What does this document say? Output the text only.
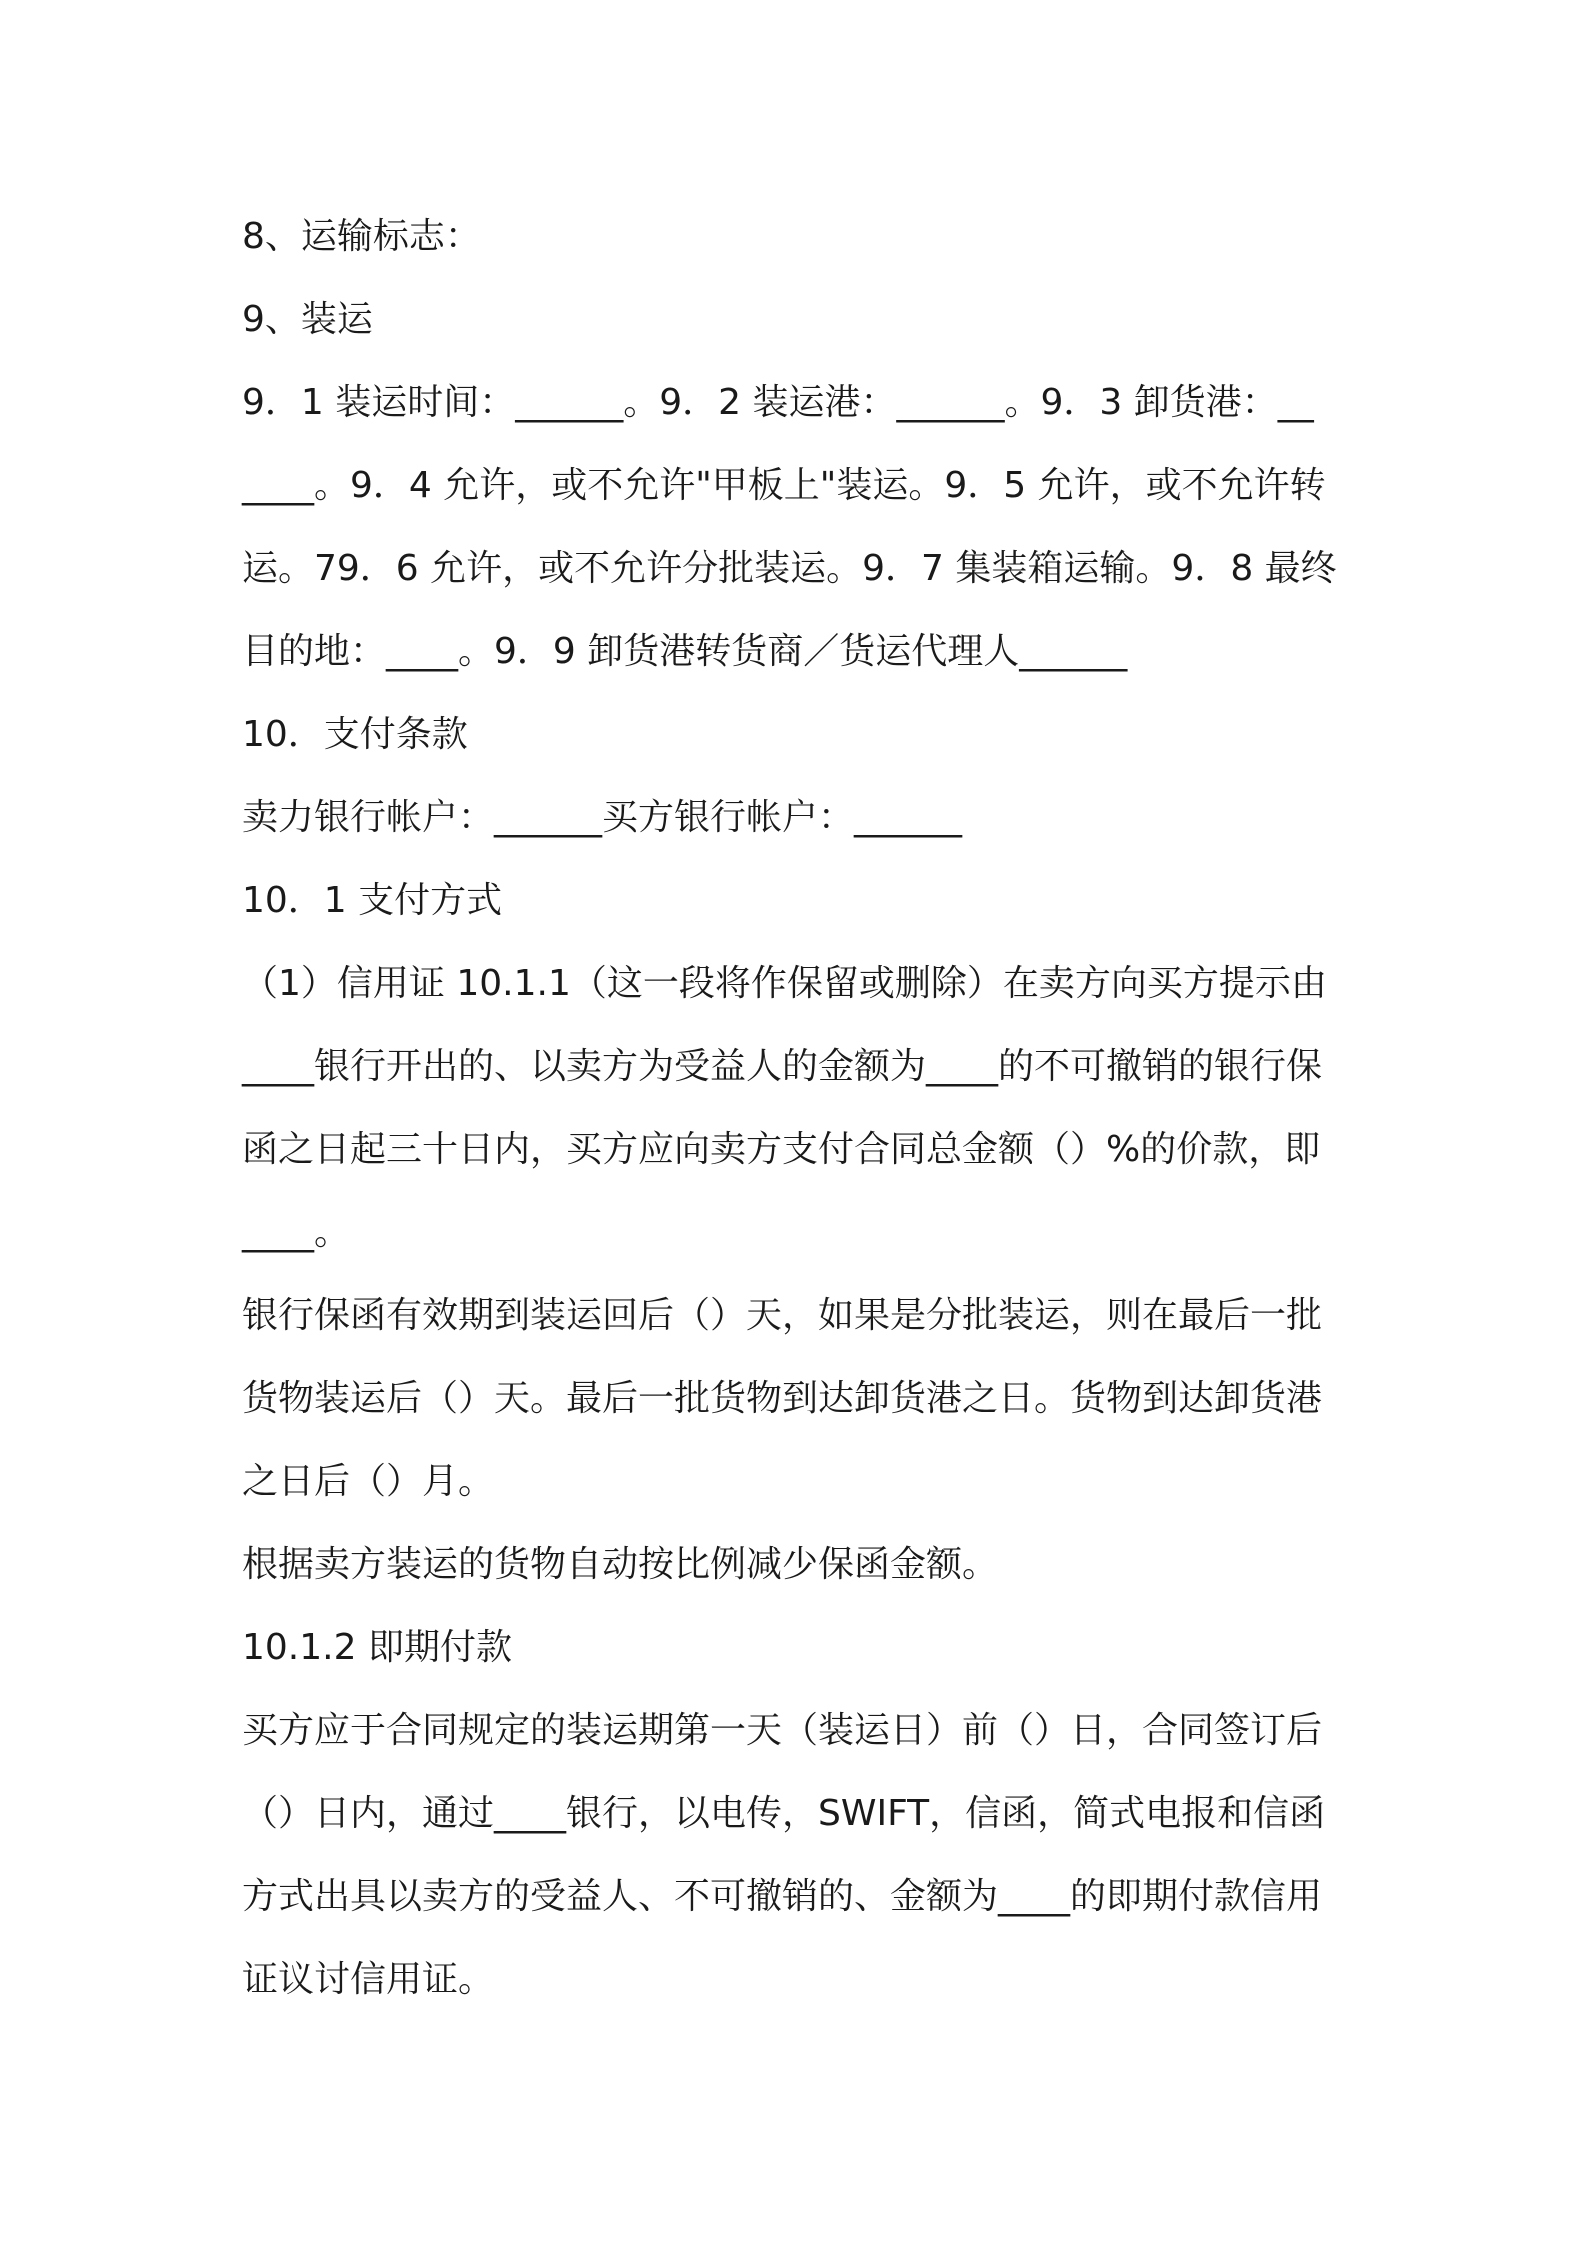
8、运输标志：
9、装运
9．1 装运时间：______。9．2 装运港：______。9．3 卸货港：__
____。9．4 允许，或不允许"甲板上"装运。9．5 允许，或不允许转
运。79．6 允许，或不允许分批装运。9．7 集装箱运输。9．8 最终
目的地：____。9．9 卸货港转货商／货运代理人______
10．支付条款
卖力银行帐户：______买方银行帐户：______
10．1 支付方式
（1）信用证 10.1.1（这一段将作保留或删除）在卖方向买方提示由
____银行开出的、以卖方为受益人的金额为____的不可撤销的银行保
函之日起三十日内，买方应向卖方支付合同总金额（）%的价款，即
____。
银行保函有效期到装运回后（）天，如果是分批装运，则在最后一批
货物装运后（）天。最后一批货物到达卸货港之日。货物到达卸货港
之日后（）月。
根据卖方装运的货物自动按比例减少保函金额。
10.1.2 即期付款
买方应于合同规定的装运期第一天（装运日）前（）日，合同签订后
（）日内，通过____银行，以电传，SWIFT，信函，简式电报和信函
方式出具以卖方的受益人、不可撤销的、金额为____的即期付款信用
证议讨信用证。
